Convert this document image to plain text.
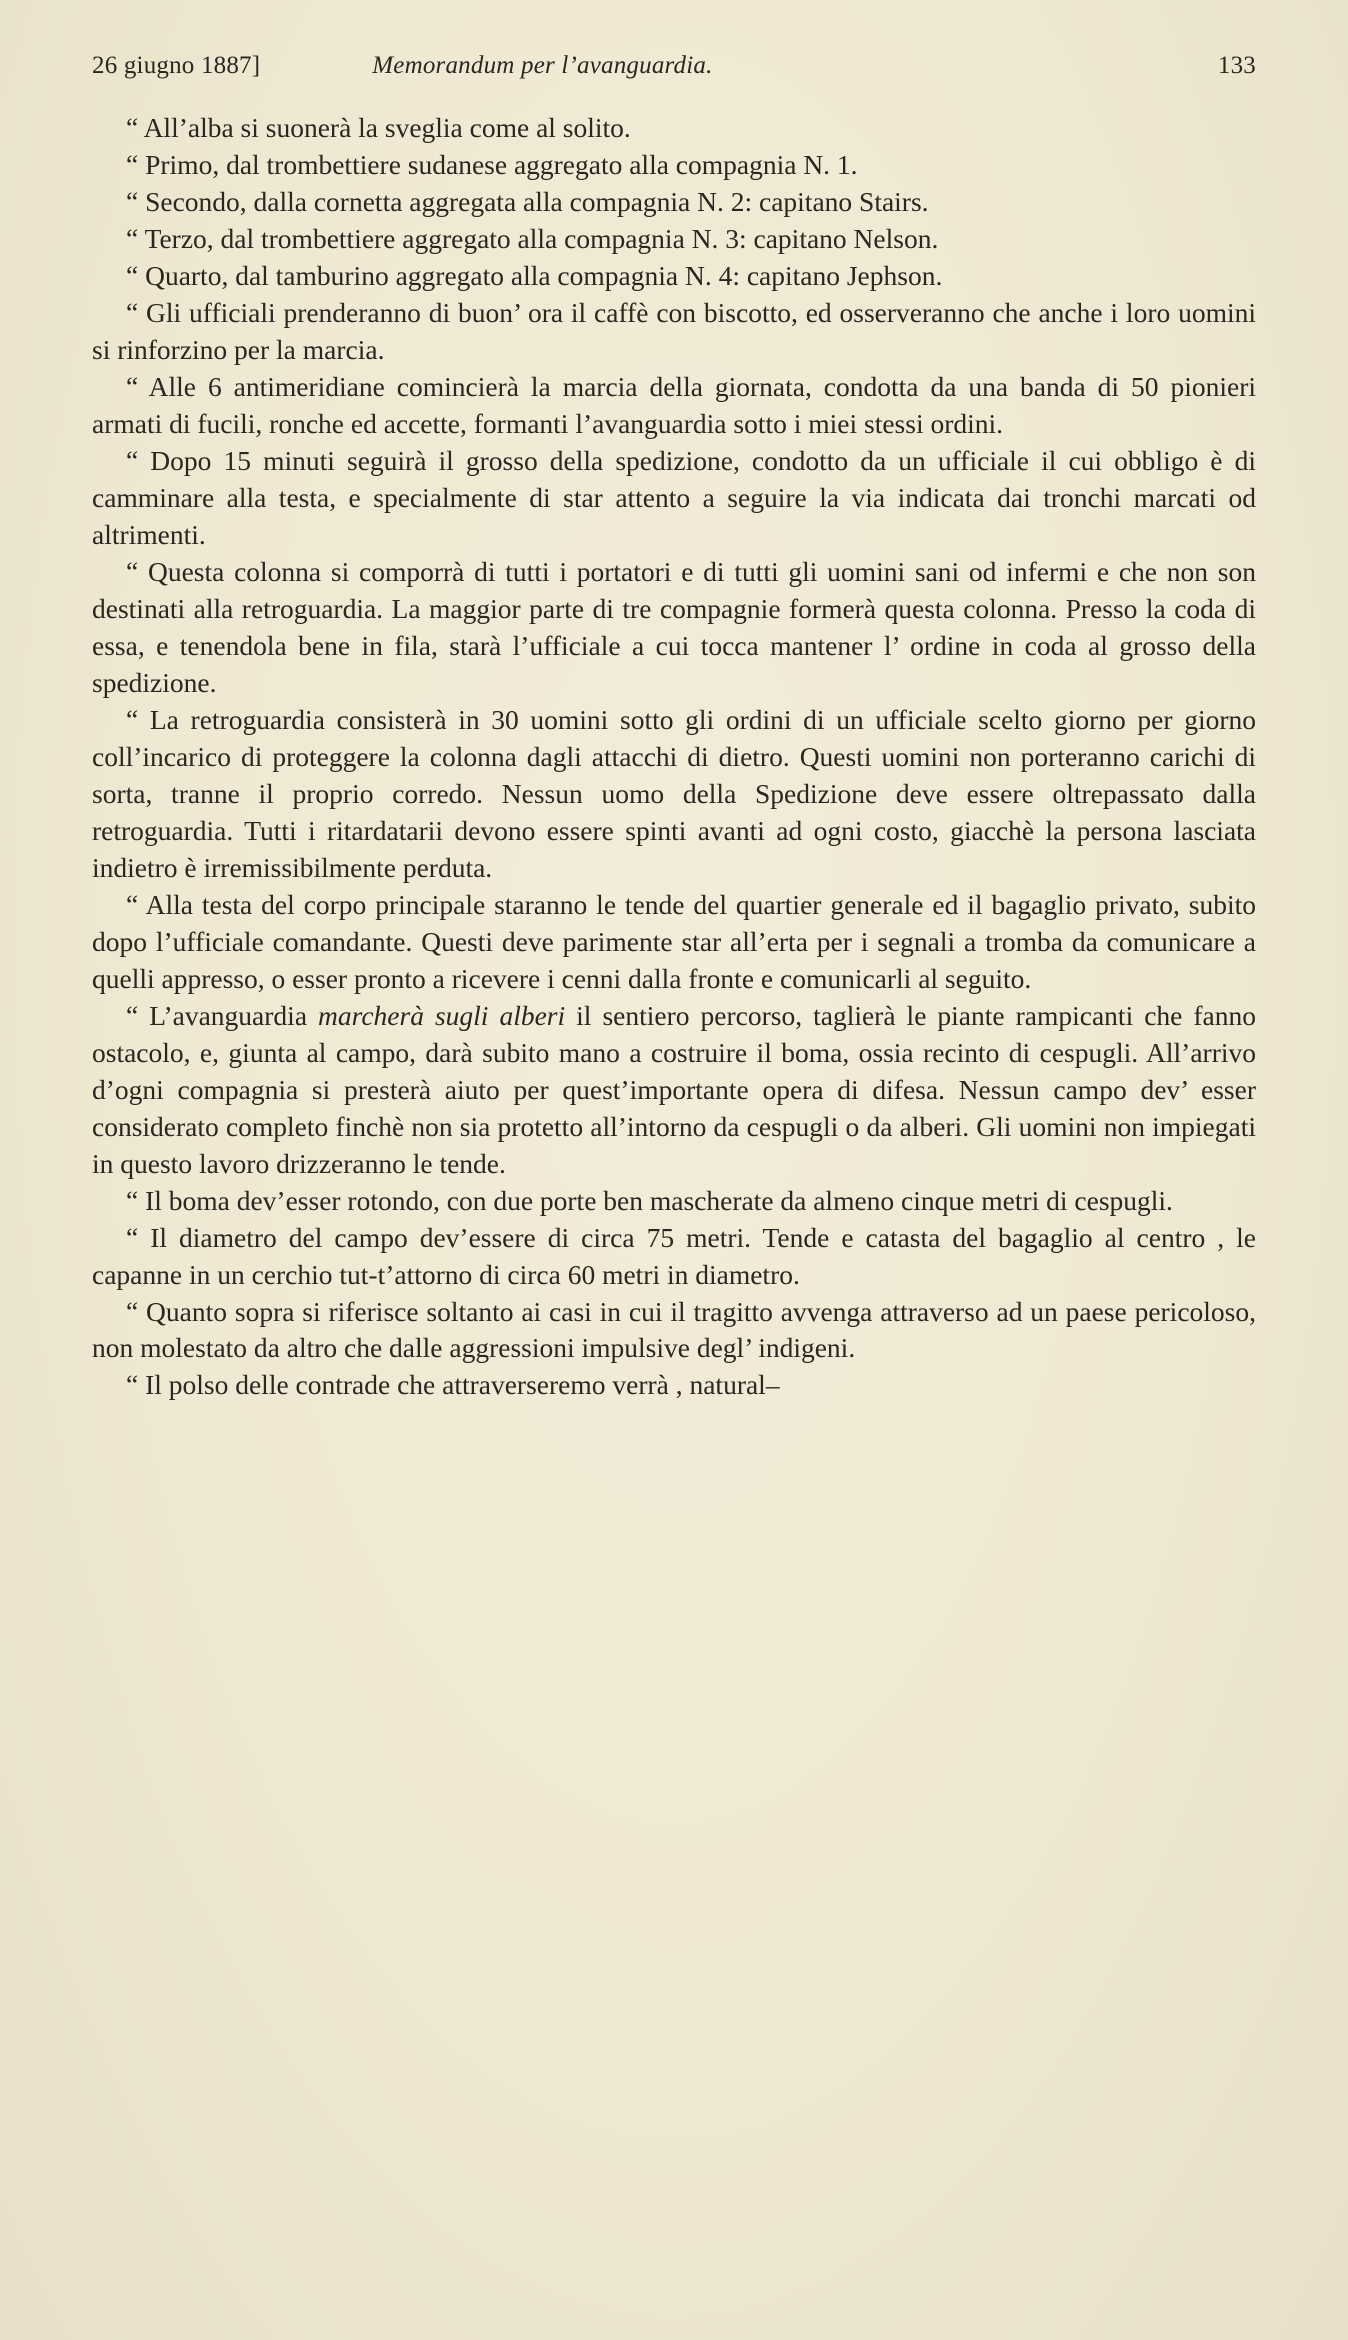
26 giugno 1887]	Memorandum per l’avanguardia.	133

“ All’alba si suonerà la sveglia come al solito.

“ Primo, dal trombettiere sudanese aggregato alla compagnia N. 1.

“ Secondo, dalla cornetta aggregata alla compagnia N. 2: capitano Stairs.

“ Terzo, dal trombettiere aggregato alla compagnia N. 3: capitano Nelson.

“ Quarto, dal tamburino aggregato alla compagnia N. 4: capitano Jephson.

“ Gli ufficiali prenderanno di buon’ ora il caffè con biscotto, ed osserveranno che anche i loro uomini si rinforzino per la marcia.

“ Alle 6 antimeridiane comincierà la marcia della giornata, condotta da una banda di 50 pionieri armati di fucili, ronche ed accette, formanti l’avanguardia sotto i miei stessi ordini.

“ Dopo 15 minuti seguirà il grosso della spedizione, condotto da un ufficiale il cui obbligo è di camminare alla testa, e specialmente di star attento a seguire la via indicata dai tronchi marcati od altrimenti.

“ Questa colonna si comporrà di tutti i portatori e di tutti gli uomini sani od infermi e che non son destinati alla retroguardia. La maggior parte di tre compagnie formerà questa colonna. Presso la coda di essa, e tenendola bene in fila, starà l’ufficiale a cui tocca mantener l’ ordine in coda al grosso della spedizione.

“ La retroguardia consisterà in 30 uomini sotto gli ordini di un ufficiale scelto giorno per giorno coll’incarico di proteggere la colonna dagli attacchi di dietro. Questi uomini non porteranno carichi di sorta, tranne il proprio corredo. Nessun uomo della Spedizione deve essere oltrepassato dalla retroguardia. Tutti i ritardatarii devono essere spinti avanti ad ogni costo, giacchè la persona lasciata indietro è irremissibilmente perduta.

“ Alla testa del corpo principale staranno le tende del quartier generale ed il bagaglio privato, subito dopo l’ufficiale comandante. Questi deve parimente star all’erta per i segnali a tromba da comunicare a quelli appresso, o esser pronto a ricevere i cenni dalla fronte e comunicarli al seguito.

“ L’avanguardia marcherà sugli alberi il sentiero percorso, taglierà le piante rampicanti che fanno ostacolo, e, giunta al campo, darà subito mano a costruire il boma, ossia recinto di cespugli. All’arrivo d’ogni compagnia si presterà aiuto per quest’importante opera di difesa. Nessun campo dev’ esser considerato completo finchè non sia protetto all’intorno da cespugli o da alberi. Gli uomini non impiegati in questo lavoro drizzeranno le tende.

“ Il boma dev’esser rotondo, con due porte ben mascherate da almeno cinque metri di cespugli.

“ Il diametro del campo dev’essere di circa 75 metri. Tende e catasta del bagaglio al centro , le capanne in un cerchio tut-t’attorno di circa 60 metri in diametro.

“ Quanto sopra si riferisce soltanto ai casi in cui il tragitto avvenga attraverso ad un paese pericoloso, non molestato da altro che dalle aggressioni impulsive degl’ indigeni.

“ Il polso delle contrade che attraverseremo verrà , natural–
